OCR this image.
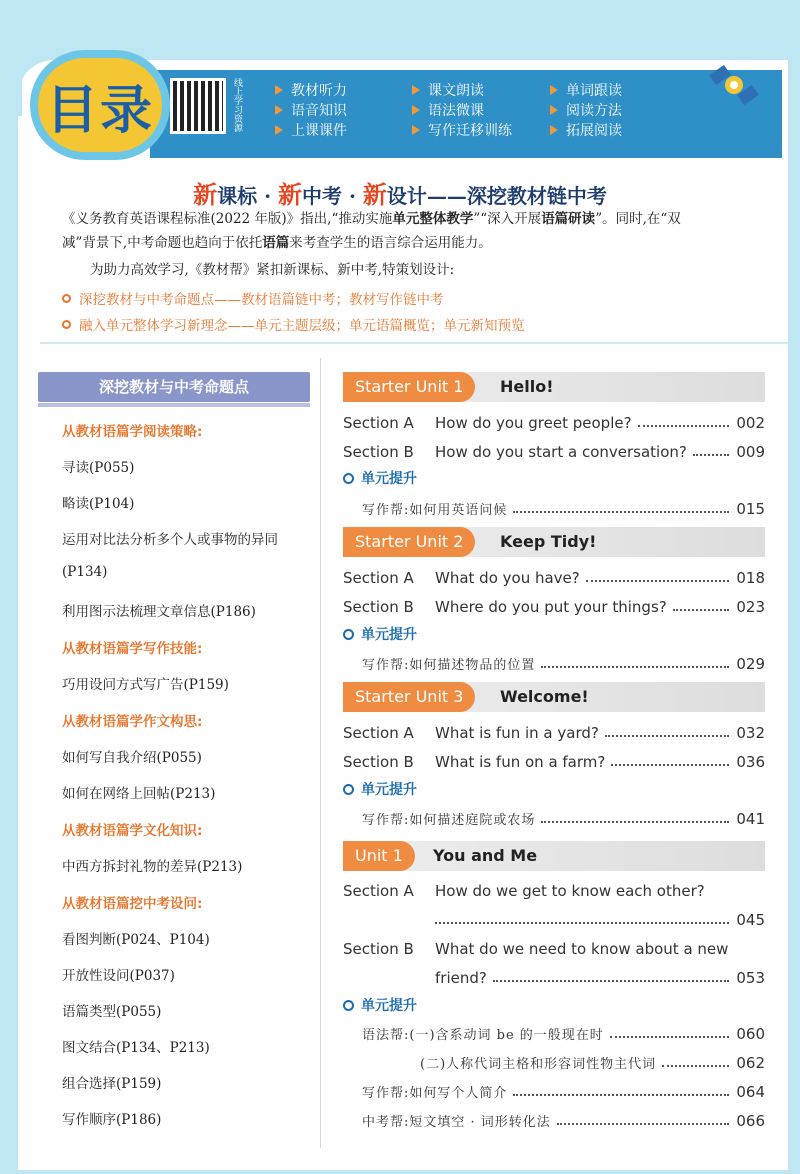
目录	线上学习资源	教材听力	课文朗读	单词跟读
语音知识	语法微课	阅读方法
上课课件	写作迁移训练	拓展阅读
新课标 · 新中考 · 新设计——深挖教材链中考
《义务教育英语课程标准(2022 年版)》指出,“推动实施单元整体教学”“深入开展语篇研读”。同时,在“双
减”背景下,中考命题也趋向于依托语篇来考查学生的语言综合运用能力。
为助力高效学习,《教材帮》紧扣新课标、新中考,特策划设计:
深挖教材与中考命题点——教材语篇链中考；教材写作链中考
融入单元整体学习新理念——单元主题层级；单元语篇概览；单元新知预览
深挖教材与中考命题点
从教材语篇学阅读策略:
寻读(P055)
略读(P104)
运用对比法分析多个人或事物的异同
(P134)
利用图示法梳理文章信息(P186)
从教材语篇学写作技能:
巧用设问方式写广告(P159)
从教材语篇学作文构思:
如何写自我介绍(P055)
如何在网络上回帖(P213)
从教材语篇学文化知识:
中西方拆封礼物的差异(P213)
从教材语篇挖中考设问:
看图判断(P024、P104)
开放性设问(P037)
语篇类型(P055)
图文结合(P134、P213)
组合选择(P159)
写作顺序(P186)
Starter Unit 1	Hello!
Section A	How do you greet people?	002
Section B	How do you start a conversation?	009
单元提升
写作帮:如何用英语问候	015
Starter Unit 2	Keep Tidy!
Section A	What do you have?	018
Section B	Where do you put your things?	023
单元提升
写作帮:如何描述物品的位置	029
Starter Unit 3	Welcome!
Section A	What is fun in a yard?	032
Section B	What is fun on a farm?	036
单元提升
写作帮:如何描述庭院或农场	041
Unit 1	You and Me
Section A	How do we get to know each other?
045
Section B	What do we need to know about a new
friend?	053
单元提升
语法帮:(一)含系动词 be 的一般现在时	060
(二)人称代词主格和形容词性物主代词	062
写作帮:如何写个人简介	064
中考帮:短文填空 · 词形转化法	066
